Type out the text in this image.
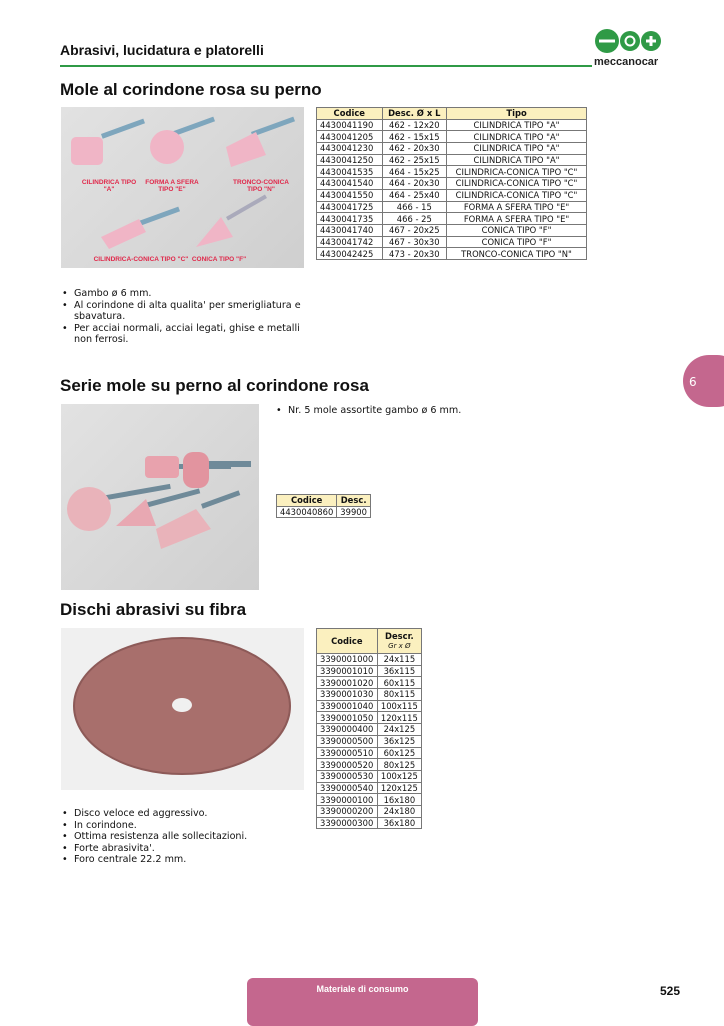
Abrasivi, lucidatura e platorelli
meccanocar
Mole al corindone rosa su perno
CILINDRICA TIPO "A"
FORMA A SFERA TIPO "E"
TRONCO-CONICA TIPO "N"
CILINDRICA-CONICA TIPO "C" CONICA TIPO "F"
Codice	Desc. Ø x L	Tipo
4430041190	462 - 12x20	CILINDRICA TIPO "A"
4430041205	462 - 15x15	CILINDRICA TIPO "A"
4430041230	462 - 20x30	CILINDRICA TIPO "A"
4430041250	462 - 25x15	CILINDRICA TIPO "A"
4430041535	464 - 15x25	CILINDRICA-CONICA TIPO "C"
4430041540	464 - 20x30	CILINDRICA-CONICA TIPO "C"
4430041550	464 - 25x40	CILINDRICA-CONICA TIPO "C"
4430041725	466 - 15	FORMA A SFERA TIPO "E"
4430041735	466 - 25	FORMA A SFERA TIPO "E"
4430041740	467 - 20x25	CONICA TIPO "F"
4430041742	467 - 30x30	CONICA TIPO "F"
4430042425	473 - 20x30	TRONCO-CONICA TIPO "N"
• Gambo ø 6 mm.
• Al corindone di alta qualita' per smerigliatura e sbavatura.
• Per acciai normali, acciai legati, ghise e metalli non ferrosi.
6
Serie mole su perno al corindone rosa
• Nr. 5 mole assortite gambo ø 6 mm.
Codice	Desc.
4430040860	39900
Dischi abrasivi su fibra
Codice	Descr.
Gr x Ø
3390001000	24x115
3390001010	36x115
3390001020	60x115
3390001030	80x115
3390001040	100x115
3390001050	120x115
3390000400	24x125
3390000500	36x125
3390000510	60x125
3390000520	80x125
3390000530	100x125
3390000540	120x125
3390000100	16x180
3390000200	24x180
3390000300	36x180
• Disco veloce ed aggressivo.
• In corindone.
• Ottima resistenza alle sollecitazioni.
• Forte abrasivita'.
• Foro centrale 22.2 mm.
Materiale di consumo	525
